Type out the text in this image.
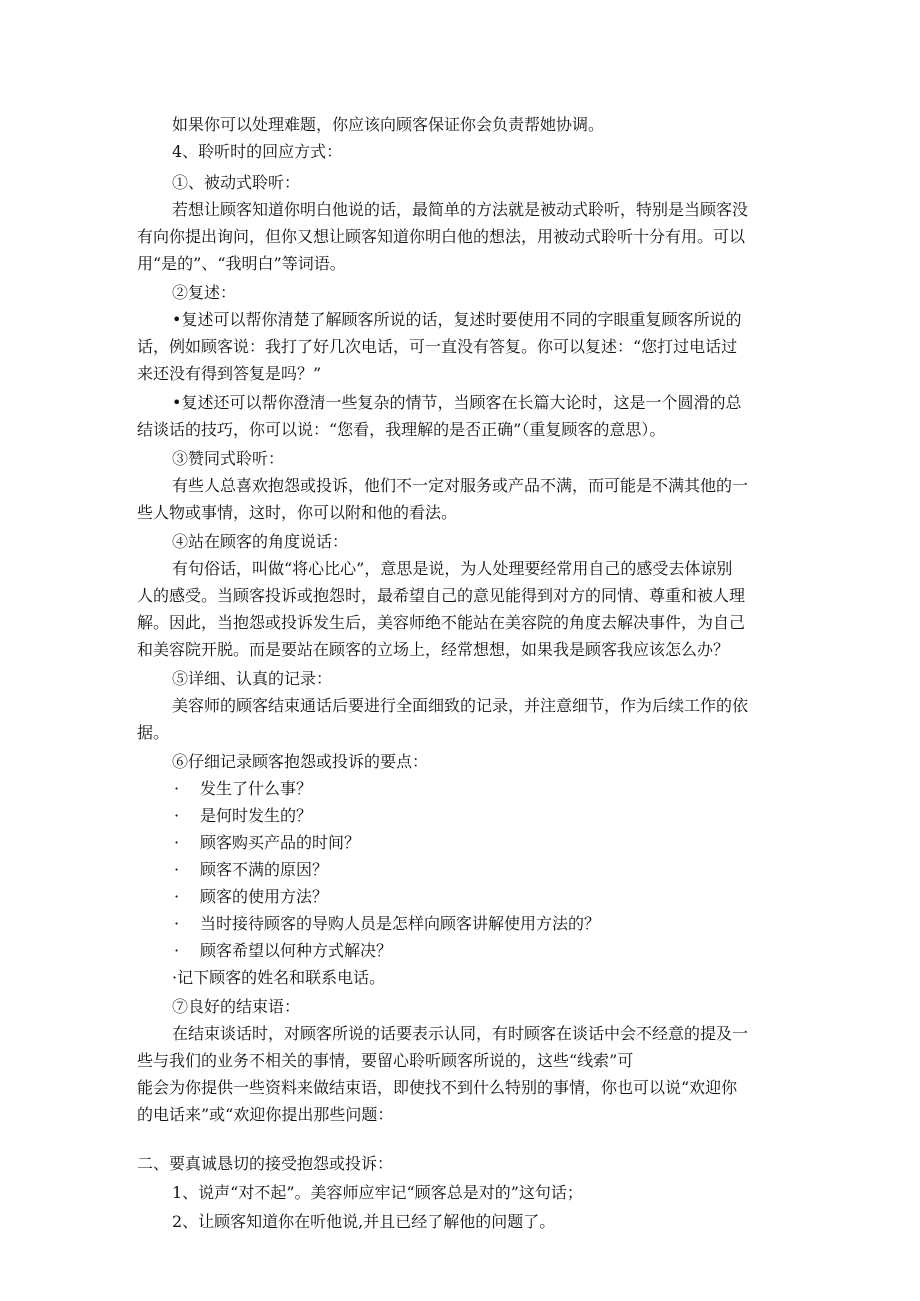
如果你可以处理难题，你应该向顾客保证你会负责帮她协调。
4、聆听时的回应方式：
①、被动式聆听：
若想让顾客知道你明白他说的话，最简单的方法就是被动式聆听，特别是当顾客没
有向你提出询问，但你又想让顾客知道你明白他的想法，用被动式聆听十分有用。可以
用“是的”、“我明白”等词语。
②复述：
•复述可以帮你清楚了解顾客所说的话，复述时要使用不同的字眼重复顾客所说的
话，例如顾客说：我打了好几次电话，可一直没有答复。你可以复述：“您打过电话过
来还没有得到答复是吗？”
•复述还可以帮你澄清一些复杂的情节，当顾客在长篇大论时，这是一个圆滑的总
结谈话的技巧，你可以说：“您看，我理解的是否正确”（重复顾客的意思）。
③赞同式聆听：
有些人总喜欢抱怨或投诉，他们不一定对服务或产品不满，而可能是不满其他的一
些人物或事情，这时，你可以附和他的看法。
④站在顾客的角度说话：
有句俗话，叫做“将心比心”，意思是说，为人处理要经常用自己的感受去体谅别
人的感受。当顾客投诉或抱怨时，最希望自己的意见能得到对方的同情、尊重和被人理
解。因此，当抱怨或投诉发生后，美容师绝不能站在美容院的角度去解决事件，为自己
和美容院开脱。而是要站在顾客的立场上，经常想想，如果我是顾客我应该怎么办？
⑤详细、认真的记录：
美容师的顾客结束通话后要进行全面细致的记录，并注意细节，作为后续工作的依
据。
⑥仔细记录顾客抱怨或投诉的要点：
· 发生了什么事？
· 是何时发生的？
· 顾客购买产品的时间？
· 顾客不满的原因？
· 顾客的使用方法？
· 当时接待顾客的导购人员是怎样向顾客讲解使用方法的？
· 顾客希望以何种方式解决？
·记下顾客的姓名和联系电话。
⑦良好的结束语：
在结束谈话时，对顾客所说的话要表示认同，有时顾客在谈话中会不经意的提及一
些与我们的业务不相关的事情，要留心聆听顾客所说的，这些“线索”可
能会为你提供一些资料来做结束语，即使找不到什么特别的事情，你也可以说“欢迎你
的电话来”或“欢迎你提出那些问题：
二、要真诚恳切的接受抱怨或投诉：
1、说声“对不起”。美容师应牢记“顾客总是对的”这句话；
2、让顾客知道你在听他说,并且已经了解他的问题了。
